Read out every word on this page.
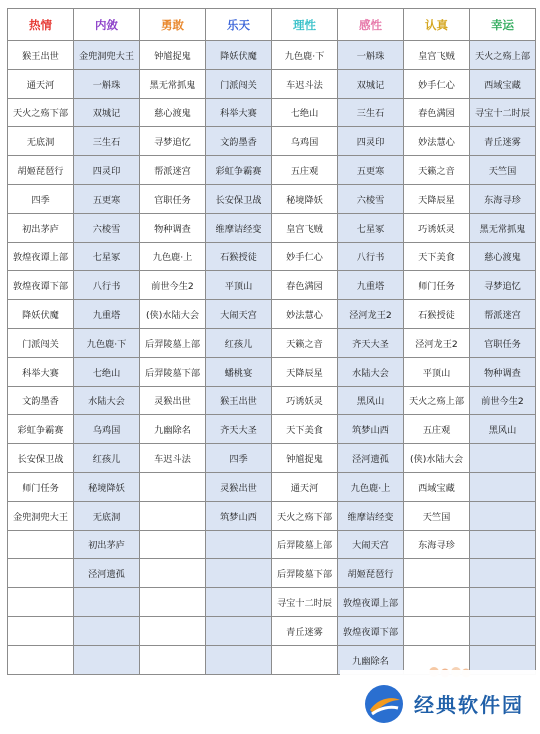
热情	内敛	勇敢	乐天	理性	感性	认真	幸运
猴王出世	金兜洞兜大王	钟馗捉鬼	降妖伏魔	九色鹿·下	一斛珠	皇宫飞贼	天火之殇上部
通天河	一斛珠	黑无常抓鬼	门派闯关	车迟斗法	双城记	妙手仁心	西域宝藏
天火之殇下部	双城记	慈心渡鬼	科举大赛	七绝山	三生石	春色满园	寻宝十二时辰
无底洞	三生石	寻梦追忆	文韵墨香	乌鸡国	四灵印	妙法慧心	青丘迷雾
胡姬琵琶行	四灵印	帮派迷宫	彩虹争霸赛	五庄观	五更寒	天籁之音	天竺国
四季	五更寒	官职任务	长安保卫战	秘境降妖	六棱雪	天降辰星	东海寻珍
初出茅庐	六棱雪	物种调查	维摩诘经变	皇宫飞贼	七星冢	巧诱妖灵	黑无常抓鬼
敦煌夜谭上部	七星冢	九色鹿·上	石猴授徒	妙手仁心	八行书	天下美食	慈心渡鬼
敦煌夜谭下部	八行书	前世今生2	平顶山	春色满园	九重塔	师门任务	寻梦追忆
降妖伏魔	九重塔	(侠)水陆大会	大闹天宫	妙法慧心	泾河龙王2	石猴授徒	帮派迷宫
门派闯关	九色鹿·下	后羿陵墓上部	红孩儿	天籁之音	齐天大圣	泾河龙王2	官职任务
科举大赛	七绝山	后羿陵墓下部	蟠桃宴	天降辰星	水陆大会	平顶山	物种调查
文韵墨香	水陆大会	灵猴出世	猴王出世	巧诱妖灵	黑风山	天火之殇上部	前世今生2
彩虹争霸赛	乌鸡国	九幽除名	齐天大圣	天下美食	筑梦山西	五庄观	黑风山
长安保卫战	红孩儿	车迟斗法	四季	钟馗捉鬼	泾河遗孤	(侠)水陆大会	
师门任务	秘境降妖		灵猴出世	通天河	九色鹿·上	西域宝藏	
金兜洞兜大王	无底洞		筑梦山西	天火之殇下部	维摩诘经变	天竺国	
	初出茅庐			后羿陵墓上部	大闹天宫	东海寻珍	
	泾河遗孤			后羿陵墓下部	胡姬琵琶行		
				寻宝十二时辰	敦煌夜谭上部		
				青丘迷雾	敦煌夜谭下部		
					九幽除名		
经典软件园
